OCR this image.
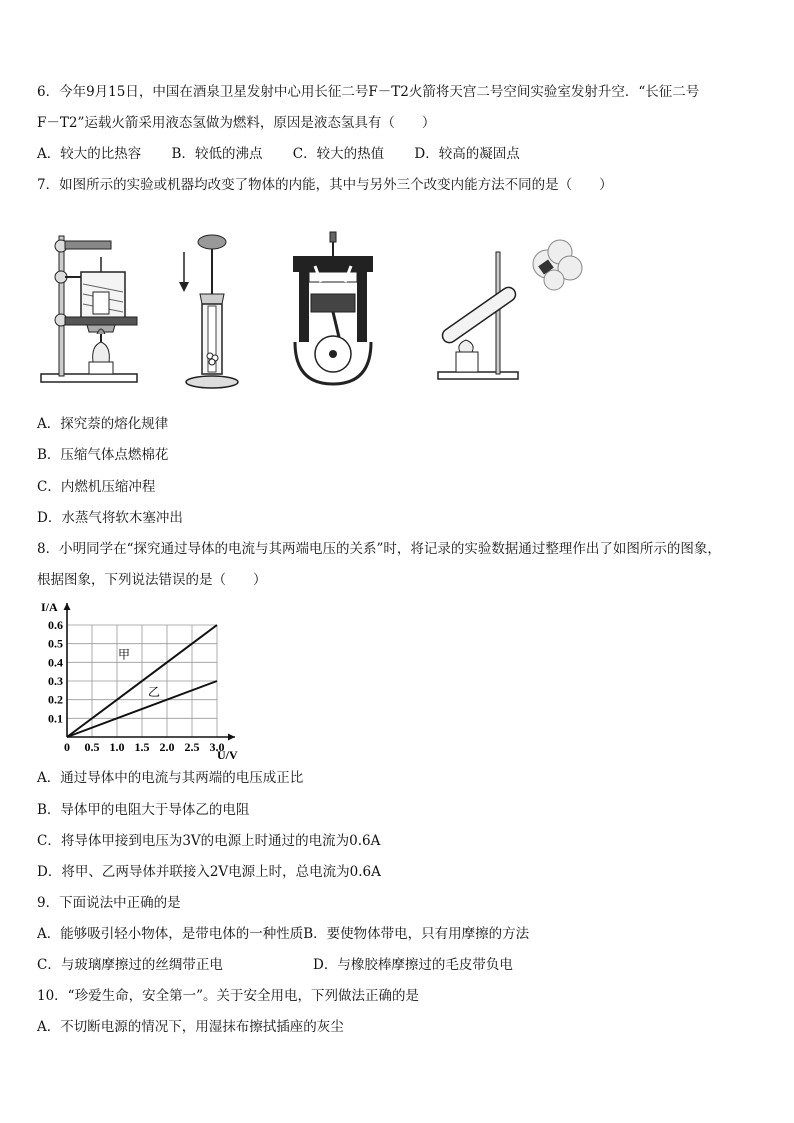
6．今年9月15日，中国在酒泉卫星发射中心用长征二号F－T2火箭将天宫二号空间实验室发射升空．“长征二号
F－T2”运载火箭采用液态氢做为燃料，原因是液态氢具有（　　）
A．较大的比热容 B．较低的沸点 C．较大的热值 D．较高的凝固点
7．如图所示的实验或机器均改变了物体的内能，其中与另外三个改变内能方法不同的是（　　）
A．探究萘的熔化规律
B．压缩气体点燃棉花
C．内燃机压缩冲程
D．水蒸气将软木塞冲出
8．小明同学在“探究通过导体的电流与其两端电压的关系”时，将记录的实验数据通过整理作出了如图所示的图象，
根据图象，下列说法错误的是（　　）
0 0.5 1.0 1.5 2.0 2.5 3.0
0.1
0.2
0.3
0.4
0.5
0.6
甲
乙
I/A
U/V
A．通过导体中的电流与其两端的电压成正比
B．导体甲的电阻大于导体乙的电阻
C．将导体甲接到电压为3V的电源上时通过的电流为0.6A
D．将甲、乙两导体并联接入2V电源上时，总电流为0.6A
9．下面说法中正确的是
A．能够吸引轻小物体，是带电体的一种性质B．要使物体带电，只有用摩擦的方法
C．与玻璃摩擦过的丝绸带正电	D．与橡胶棒摩擦过的毛皮带负电
10．“珍爱生命，安全第一”。关于安全用电，下列做法正确的是
A．不切断电源的情况下，用湿抹布擦拭插座的灰尘
